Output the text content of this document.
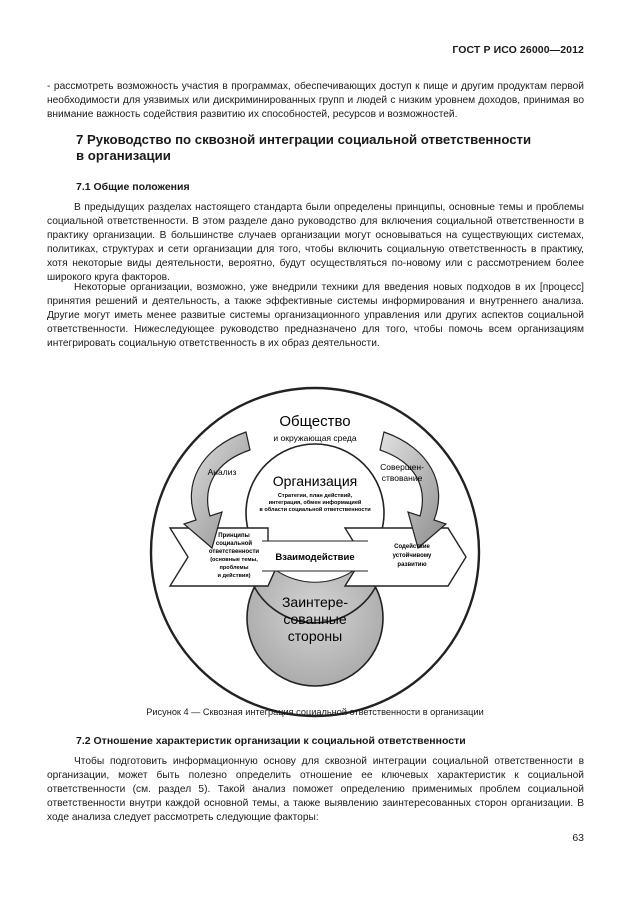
ГОСТ Р ИСО 26000—2012

- рассмотреть возможность участия в программах, обеспечивающих доступ к пище и другим продуктам первой необходимости для уязвимых или дискриминированных групп и людей с низким уровнем доходов, принимая во внимание важность содействия развитию их способностей, ресурсов и возможностей.

7 Руководство по сквозной интеграции социальной ответственности
в организации
7.1 Общие положения

В предыдущих разделах настоящего стандарта были определены принципы, основные темы и проблемы социальной ответственности. В этом разделе дано руководство для включения социальной ответственности в практику организации. В большинстве случаев организации могут основываться на существующих системах, политиках, структурах и сети организации для того, чтобы включить социальную ответственность в практику, хотя некоторые виды деятельности, вероятно, будут осуществляться по-новому или с рассмотрением более широкого круга факторов.

Некоторые организации, возможно, уже внедрили техники для введения новых подходов в их [процесс] принятия решений и деятельность, а также эффективные системы информирования и внутреннего анализа. Другие могут иметь менее развитые системы организационного управления или других аспектов социальной ответственности. Нижеследующее руководство предназначено для того, чтобы помочь всем организациям интегрировать социальную ответственность в их образ деятельности.

Общество
и окружающая среда
Анализ	Совершен-
ствование
Организация
Стратегии, план действий,
интеграция, обмен информацией
в области социальной ответственности
Принципы
социальной
ответственности
(основные темы,
проблемы
и действия)
Содействие
устойчивому
развитию
Взаимодействие
Заинтере-
сованные
стороны
Рисунок 4 — Сквозная интеграция социальной ответственности в организации
7.2 Отношение характеристик организации к социальной ответственности

Чтобы подготовить информационную основу для сквозной интеграции социальной ответственности в организации, может быть полезно определить отношение ее ключевых характеристик к социальной ответственности (см. раздел 5). Такой анализ поможет определению применимых проблем социальной ответственности внутри каждой основной темы, а также выявлению заинтересованных сторон организации. В ходе анализа следует рассмотреть следующие факторы:

63
